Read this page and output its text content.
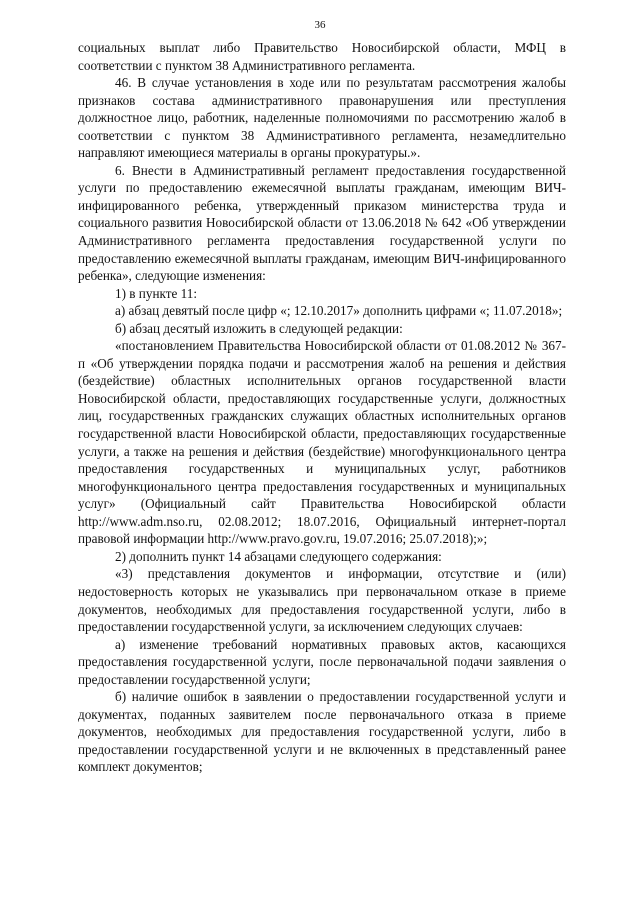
36

социальных выплат либо Правительство Новосибирской области, МФЦ в соответствии с пунктом 38 Административного регламента.

46. В случае установления в ходе или по результатам рассмотрения жалобы признаков состава административного правонарушения или преступления должностное лицо, работник, наделенные полномочиями по рассмотрению жалоб в соответствии с пунктом 38 Административного регламента, незамедлительно направляют имеющиеся материалы в органы прокуратуры.».

6. Внести в Административный регламент предоставления государственной услуги по предоставлению ежемесячной выплаты гражданам, имеющим ВИЧ-инфицированного ребенка, утвержденный приказом министерства труда и социального развития Новосибирской области от 13.06.2018 № 642 «Об утверждении Административного регламента предоставления государственной услуги по предоставлению ежемесячной выплаты гражданам, имеющим ВИЧ-инфицированного ребенка», следующие изменения:

1) в пункте 11:

а) абзац девятый после цифр «; 12.10.2017» дополнить цифрами «; 11.07.2018»;

б) абзац десятый изложить в следующей редакции:

«постановлением Правительства Новосибирской области от 01.08.2012 № 367-п «Об утверждении порядка подачи и рассмотрения жалоб на решения и действия (бездействие) областных исполнительных органов государственной власти Новосибирской области, предоставляющих государственные услуги, должностных лиц, государственных гражданских служащих областных исполнительных органов государственной власти Новосибирской области, предоставляющих государственные услуги, а также на решения и действия (бездействие) многофункционального центра предоставления государственных и муниципальных услуг, работников многофункционального центра предоставления государственных и муниципальных услуг» (Официальный сайт Правительства Новосибирской области http://www.adm.nso.ru, 02.08.2012; 18.07.2016, Официальный интернет-портал правовой информации http://www.pravo.gov.ru, 19.07.2016; 25.07.2018);»;

2) дополнить пункт 14 абзацами следующего содержания:

«3) представления документов и информации, отсутствие и (или) недостоверность которых не указывались при первоначальном отказе в приеме документов, необходимых для предоставления государственной услуги, либо в предоставлении государственной услуги, за исключением следующих случаев:

а) изменение требований нормативных правовых актов, касающихся предоставления государственной услуги, после первоначальной подачи заявления о предоставлении государственной услуги;

б) наличие ошибок в заявлении о предоставлении государственной услуги и документах, поданных заявителем после первоначального отказа в приеме документов, необходимых для предоставления государственной услуги, либо в предоставлении государственной услуги и не включенных в представленный ранее комплект документов;
